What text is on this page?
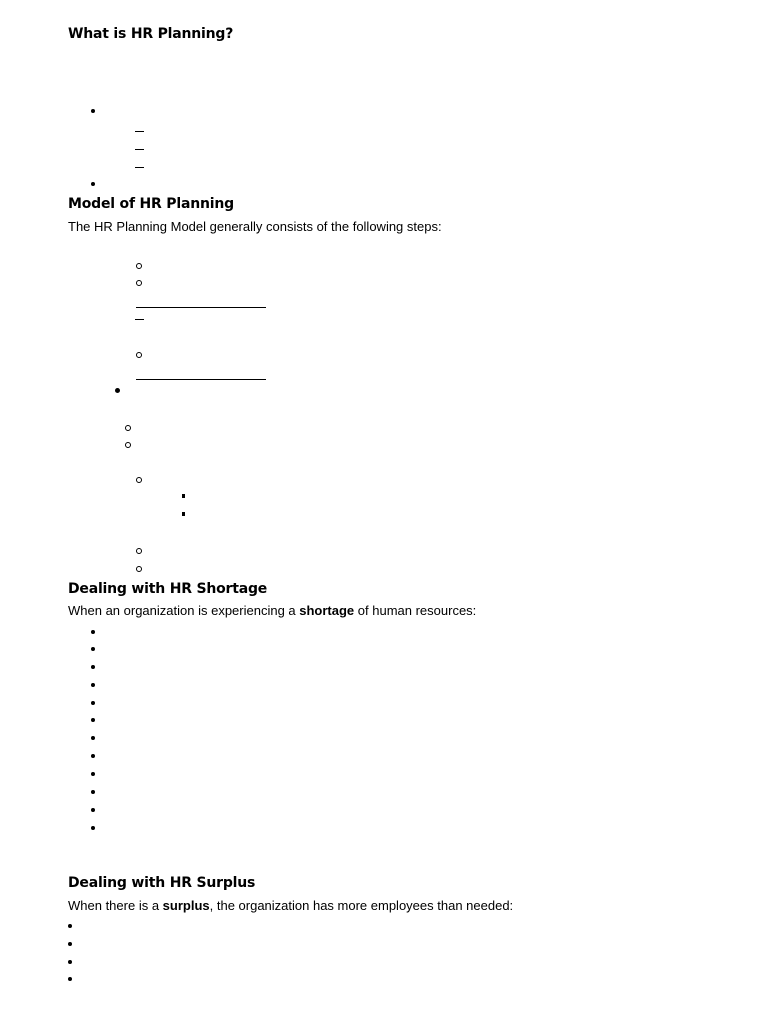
What is HR Planning?
Model of HR Planning
The HR Planning Model generally consists of the following steps:
Dealing with HR Shortage
When an organization is experiencing a shortage of human resources:
Dealing with HR Surplus
When there is a surplus, the organization has more employees than needed:
